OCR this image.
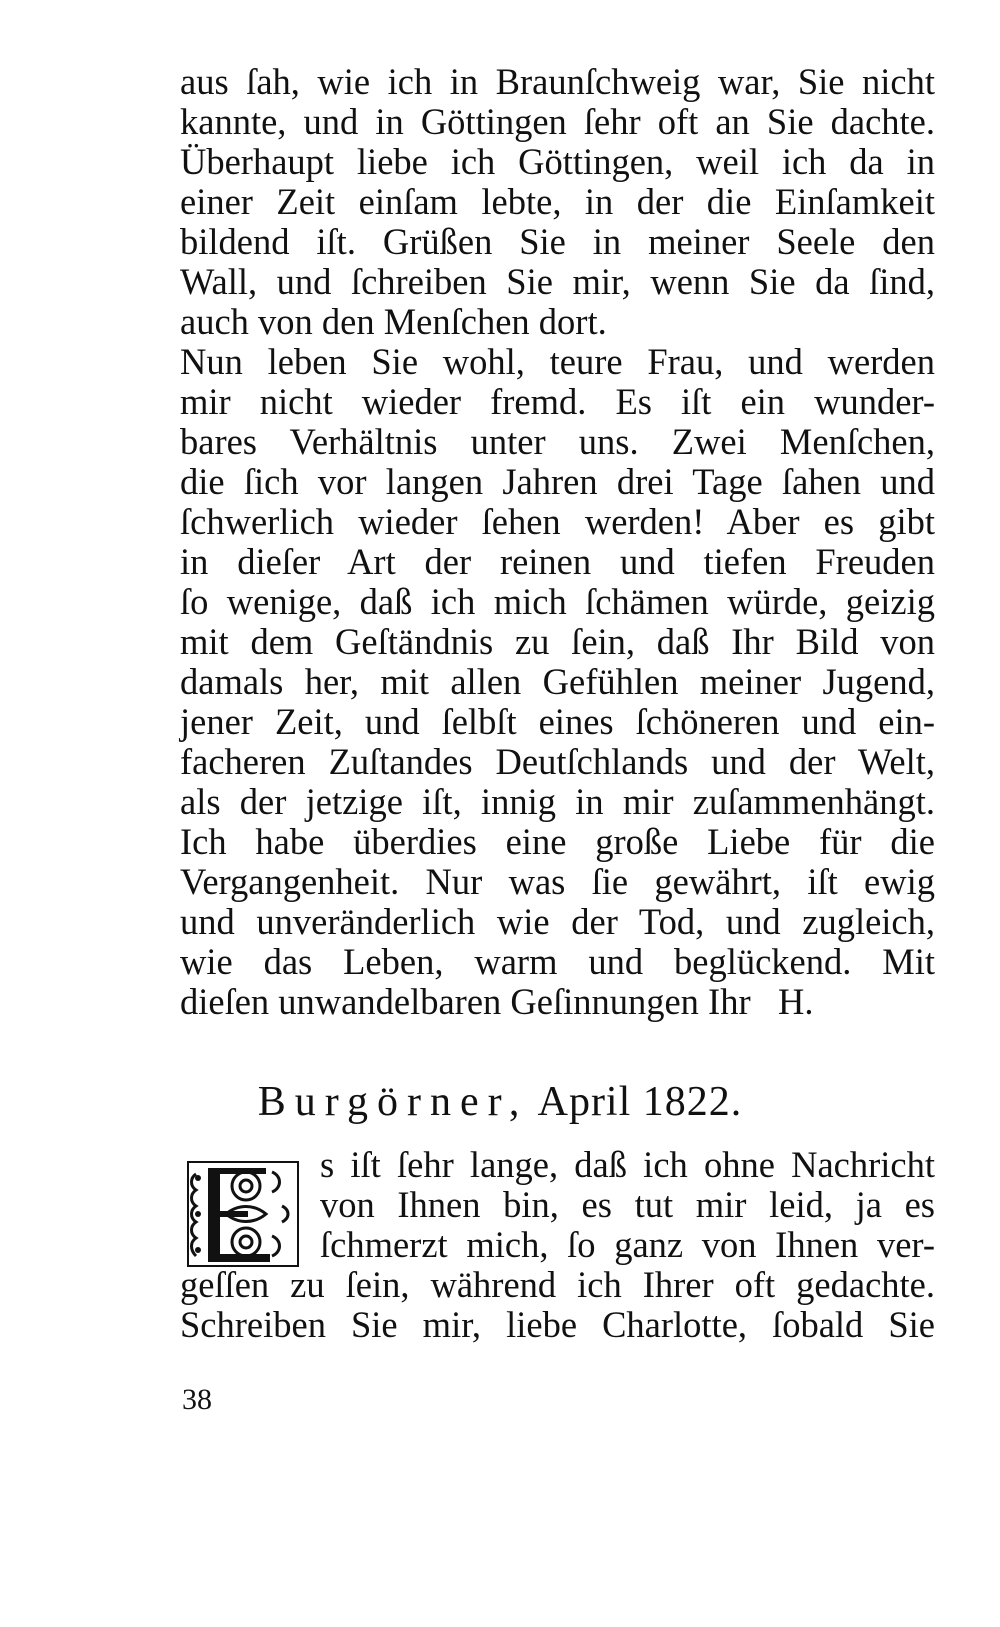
aus ſah, wie ich in Braunſchweig war, Sie nicht
kannte, und in Göttingen ſehr oft an Sie dachte.
Überhaupt liebe ich Göttingen, weil ich da in
einer Zeit einſam lebte, in der die Einſamkeit
bildend iſt. Grüßen Sie in meiner Seele den
Wall, und ſchreiben Sie mir, wenn Sie da ſind,
auch von den Menſchen dort.
Nun leben Sie wohl, teure Frau, und werden
mir nicht wieder fremd. Es iſt ein wunder-
bares Verhältnis unter uns. Zwei Menſchen,
die ſich vor langen Jahren drei Tage ſahen und
ſchwerlich wieder ſehen werden! Aber es gibt
in dieſer Art der reinen und tiefen Freuden
ſo wenige, daß ich mich ſchämen würde, geizig
mit dem Geſtändnis zu ſein, daß Ihr Bild von
damals her, mit allen Gefühlen meiner Jugend,
jener Zeit, und ſelbſt eines ſchöneren und ein-
facheren Zuſtandes Deutſchlands und der Welt,
als der jetzige iſt, innig in mir zuſammenhängt.
Ich habe überdies eine große Liebe für die
Vergangenheit. Nur was ſie gewährt, iſt ewig
und unveränderlich wie der Tod, und zugleich,
wie das Leben, warm und beglückend. Mit
dieſen unwandelbaren Geſinnungen Ihr   H.
Burgörner, April 1822.
s iſt ſehr lange, daß ich ohne Nachricht
von Ihnen bin, es tut mir leid, ja es
ſchmerzt mich, ſo ganz von Ihnen ver-
geſſen zu ſein, während ich Ihrer oft gedachte.
Schreiben Sie mir, liebe Charlotte, ſobald Sie
38
